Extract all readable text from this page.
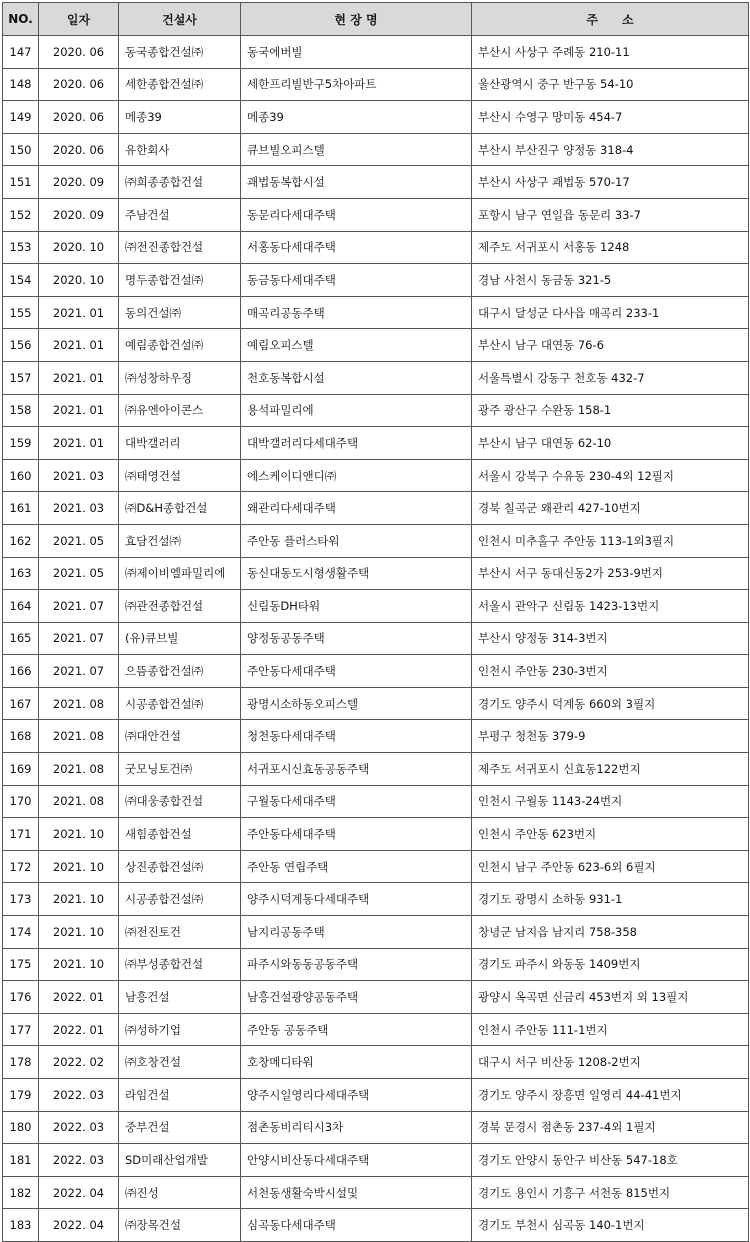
NO.	일자	건설사	현 장 명	주　　소
147	2020. 06	동국종합건설㈜	동국에버빌	부산시 사상구 주례동 210-11
148	2020. 06	세한종합건설㈜	세한프리빌반구5차아파트	울산광역시 중구 반구동 54-10
149	2020. 06	메종39	메종39	부산시 수영구 망미동 454-7
150	2020. 06	유한회사	큐브빌오피스텔	부산시 부산진구 양정동 318-4
151	2020. 09	㈜희종종합건설	괘법동복합시설	부산시 사상구 괘법동 570-17
152	2020. 09	주남건설	동문리다세대주택	포항시 남구 연일읍 동문리 33-7
153	2020. 10	㈜전진종합건설	서홍동다세대주택	제주도 서귀포시 서홍동 1248
154	2020. 10	명두종합건설㈜	동금동다세대주택	경남 사천시 동금동 321-5
155	2021. 01	동의건설㈜	매곡리공동주택	대구시 달성군 다사읍 매곡리 233-1
156	2021. 01	예림종합건설㈜	예림오피스텔	부산시 남구 대연동 76-6
157	2021. 01	㈜성창하우징	천호동복합시설	서울특별시 강동구 천호동 432-7
158	2021. 01	㈜유엔아이콘스	용석파밀리에	광주 광산구 수완동 158-1
159	2021. 01	대박갤러리	대박갤러리다세대주택	부산시 남구 대연동 62-10
160	2021. 03	㈜태영건설	에스케이디앤디㈜	서울시 강북구 수유동 230-4외 12필지
161	2021. 03	㈜D&H종합건설	왜관리다세대주택	경북 칠곡군 왜관리 427-10번지
162	2021. 05	효담건설㈜	주안동 플러스타워	인천시 미추홀구 주안동 113-1외3필지
163	2021. 05	㈜제이비엘파밀리에	동신대동도시형생활주택	부산시 서구 동대신동2가 253-9번지
164	2021. 07	㈜관전종합건설	신림동DH타워	서울시 관악구 신림동 1423-13번지
165	2021. 07	(유)큐브빌	양정동공동주택	부산시 양정동 314-3번지
166	2021. 07	으뜸종합건설㈜	주안동다세대주택	인천시 주안동 230-3번지
167	2021. 08	시공종합건설㈜	광명시소하동오피스텔	경기도 양주시 덕계동 660외 3필지
168	2021. 08	㈜대안건설	청천동다세대주택	부평구 청천동 379-9
169	2021. 08	굿모닝토건㈜	서귀포시신효동공동주택	제주도 서귀포시 신효동122번지
170	2021. 08	㈜대웅종합건설	구월동다세대주택	인천시 구월동 1143-24번지
171	2021. 10	새힘종합건설	주안동다세대주택	인천시 주안동 623번지
172	2021. 10	상진종합건설㈜	주안동 연립주택	인천시 남구 주안동 623-6외 6필지
173	2021. 10	시공종합건설㈜	양주시덕계동다세대주택	경기도 광명시 소하동 931-1
174	2021. 10	㈜전진토건	남지리공동주택	창녕군 남지읍 남지리 758-358
175	2021. 10	㈜부성종합건설	파주시와동동공동주택	경기도 파주시 와동동 1409번지
176	2022. 01	남흥건설	남흥건설광양공동주택	광양시 옥곡면 신금리 453번지 외 13필지
177	2022. 01	㈜성하기업	주안동 공동주택	인천시 주안동 111-1번지
178	2022. 02	㈜호창건설	호창메디타워	대구시 서구 비산동 1208-2번지
179	2022. 03	라임건설	양주시일영리다세대주택	경기도 양주시 장흥면 일영리 44-41번지
180	2022. 03	중부건설	점촌동비리티시3차	경북 문경시 점촌동 237-4외 1필지
181	2022. 03	SD미래산업개발	안양시비산동다세대주택	경기도 안양시 동안구 비산동 547-18호
182	2022. 04	㈜진성	서천동생활숙박시설및	경기도 용인시 기흥구 서천동 815번지
183	2022. 04	㈜장목건설	심곡동다세대주택	경기도 부천시 심곡동 140-1번지
